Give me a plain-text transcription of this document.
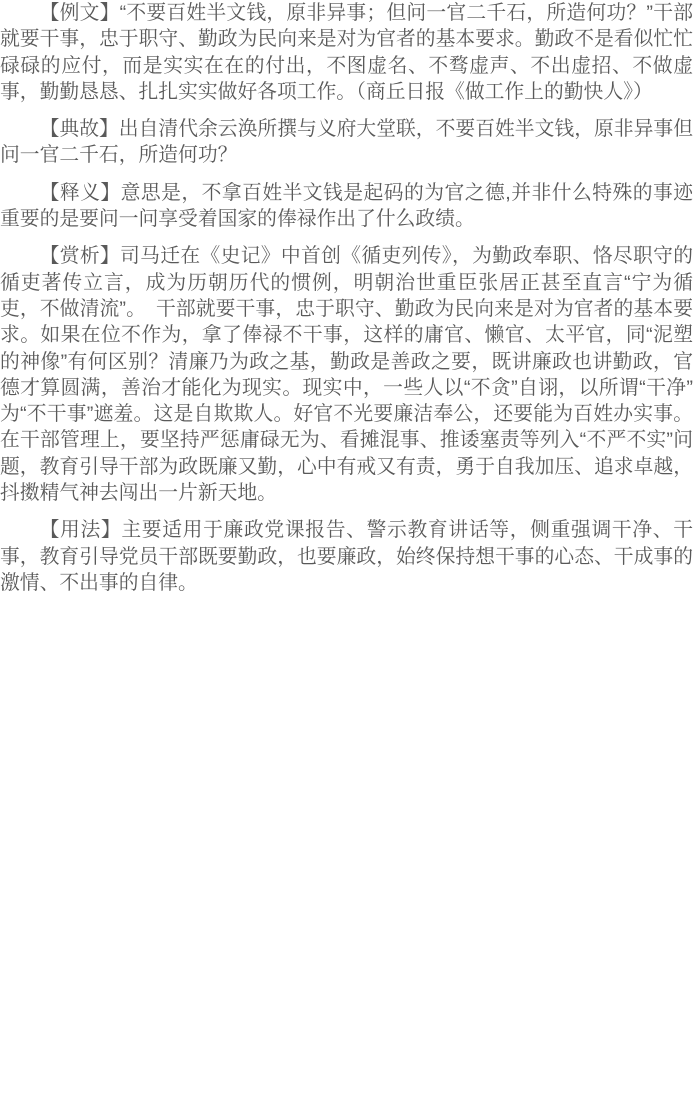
【例文】“不要百姓半文钱，原非异事；但问一官二千石，所造何功？”干部就要干事，忠于职守、勤政为民向来是对为官者的基本要求。勤政不是看似忙忙碌碌的应付，而是实实在在的付出，不图虚名、不骛虚声、不出虚招、不做虚事，勤勤恳恳、扎扎实实做好各项工作。（商丘日报《做工作上的勤快人》）

【典故】出自清代余云涣所撰与义府大堂联，不要百姓半文钱，原非异事但问一官二千石，所造何功？

【释义】意思是，不拿百姓半文钱是起码的为官之德,并非什么特殊的事迹重要的是要问一问享受着国家的俸禄作出了什么政绩。

【赏析】司马迁在《史记》中首创《循吏列传》，为勤政奉职、恪尽职守的循吏著传立言，成为历朝历代的惯例，明朝治世重臣张居正甚至直言“宁为循吏，不做清流”。　干部就要干事，忠于职守、勤政为民向来是对为官者的基本要求。如果在位不作为，拿了俸禄不干事，这样的庸官、懒官、太平官，同“泥塑的神像”有何区别？清廉乃为政之基，勤政是善政之要，既讲廉政也讲勤政，官德才算圆满，善治才能化为现实。现实中，一些人以“不贪”自诩，以所谓“干净”为“不干事”遮羞。这是自欺欺人。好官不光要廉洁奉公，还要能为百姓办实事。在干部管理上，要坚持严惩庸碌无为、看摊混事、推诿塞责等列入“不严不实”问题，教育引导干部为政既廉又勤，心中有戒又有责，勇于自我加压、追求卓越，抖擞精气神去闯出一片新天地。

【用法】主要适用于廉政党课报告、警示教育讲话等，侧重强调干净、干事，教育引导党员干部既要勤政，也要廉政，始终保持想干事的心态、干成事的激情、不出事的自律。
